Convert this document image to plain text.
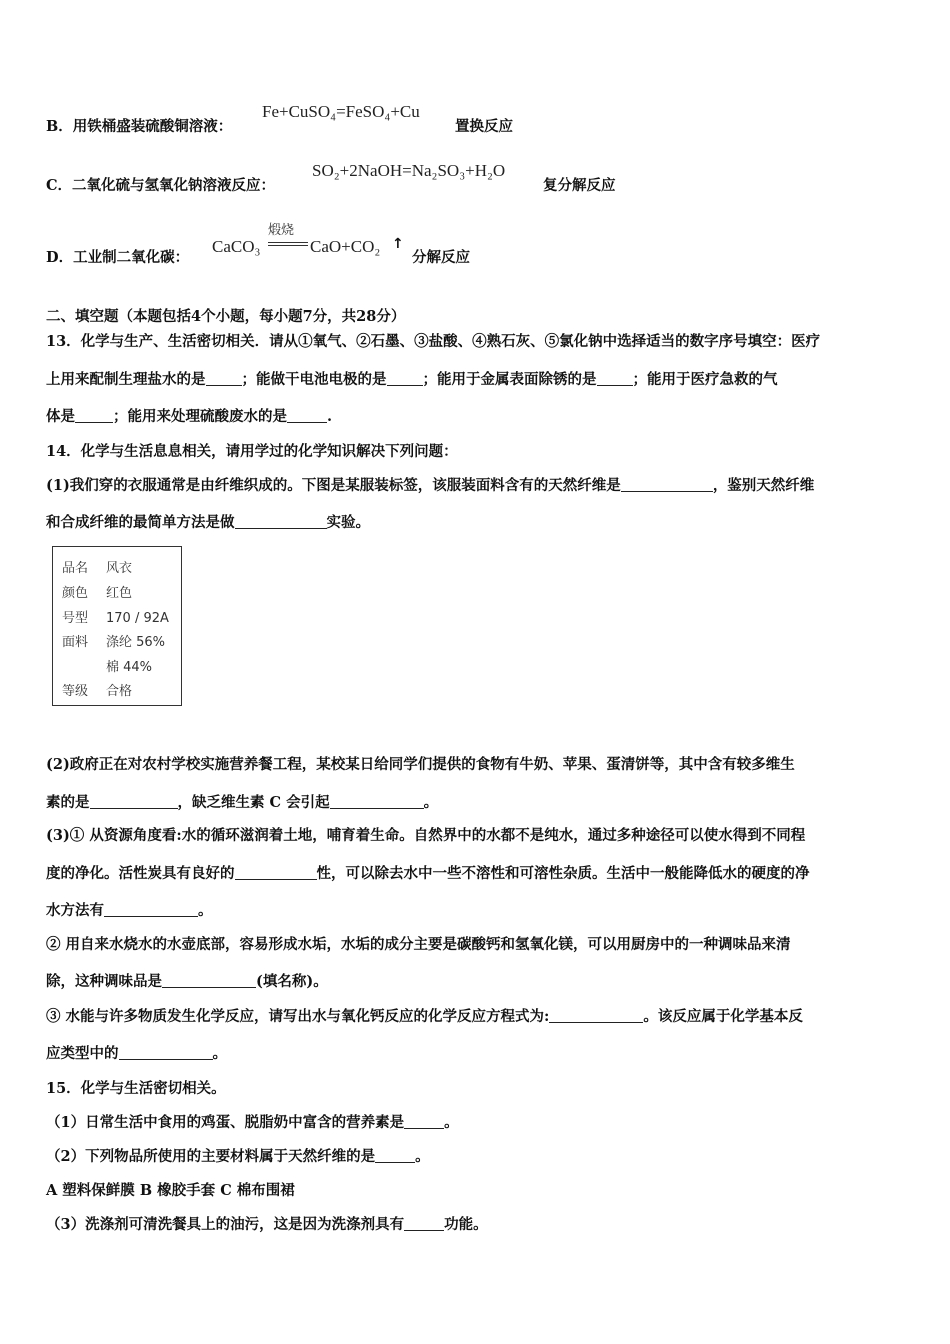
B．用铁桶盛装硫酸铜溶液：
Fe+CuSO₄=FeSO₄+Cu
置换反应
C．二氧化硫与氢氧化钠溶液反应：
SO₂+2NaOH=Na₂SO₃+H₂O
复分解反应
D．工业制二氧化碳：
CaCO₃
煅烧
CaO+CO₂ ↑
分解反应
二、填空题（本题包括4个小题，每小题7分，共28分）
13．化学与生产、生活密切相关．请从①氧气、②石墨、③盐酸、④熟石灰、⑤氯化钠中选择适当的数字序号填空：医疗
上用来配制生理盐水的是 ；能做干电池电极的是 ；能用于金属表面除锈的是 ；能用于医疗急救的气
体是	；能用来处理硫酸废水的是	.
14．化学与生活息息相关，请用学过的化学知识解决下列问题：
(1)我们穿的衣服通常是由纤维织成的。下图是某服装标签，该服装面料含有的天然纤维是	，鉴别天然纤维
和合成纤维的最简单方法是做	实验。
品名 风衣
颜色 红色
号型 170 / 92A
面料 涤纶 56%
棉 44%
等级 合格
(2)政府正在对农村学校实施营养餐工程，某校某日给同学们提供的食物有牛奶、苹果、蛋清饼等，其中含有较多维生
素的是	，缺乏维生素 C 会引起	。
(3)① 从资源角度看:水的循环滋润着土地，哺育着生命。自然界中的水都不是纯水，通过多种途径可以使水得到不同程
度的净化。活性炭具有良好的	性，可以除去水中一些不溶性和可溶性杂质。生活中一般能降低水的硬度的净
水方法有	。
② 用自来水烧水的水壶底部，容易形成水垢，水垢的成分主要是碳酸钙和氢氧化镁，可以用厨房中的一种调味品来清
除，这种调味品是	(填名称)。
③ 水能与许多物质发生化学反应，请写出水与氧化钙反应的化学反应方程式为:	。该反应属于化学基本反
应类型中的	。
15．化学与生活密切相关。
（1）日常生活中食用的鸡蛋、脱脂奶中富含的营养素是	。
（2）下列物品所使用的主要材料属于天然纤维的是	。
A 塑料保鲜膜 B 橡胶手套 C 棉布围裙
（3）洗涤剂可清洗餐具上的油污，这是因为洗涤剂具有	功能。
